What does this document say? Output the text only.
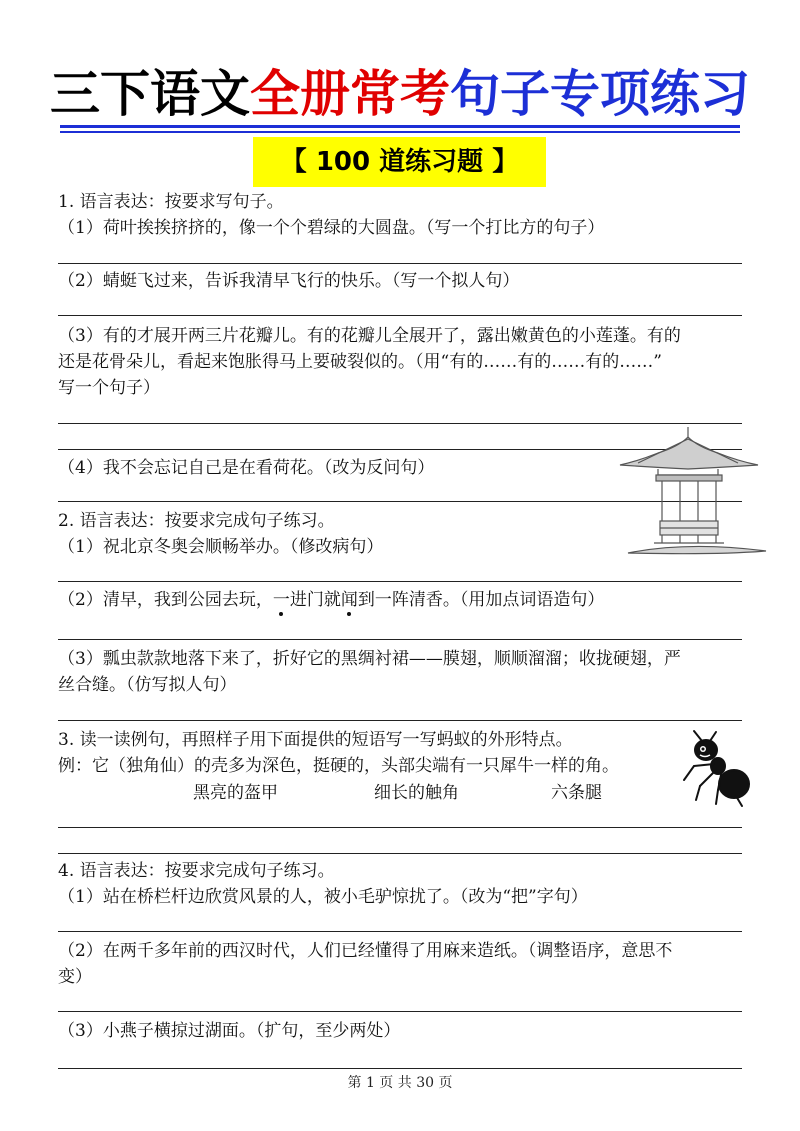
三下语文全册常考句子专项练习
【 100 道练习题 】
1. 语言表达：按要求写句子。
（1）荷叶挨挨挤挤的，像一个个碧绿的大圆盘。（写一个打比方的句子）
（2）蜻蜓飞过来，告诉我清早飞行的快乐。（写一个拟人句）
（3）有的才展开两三片花瓣儿。有的花瓣儿全展开了，露出嫩黄色的小莲蓬。有的
还是花骨朵儿，看起来饱胀得马上要破裂似的。（用“有的……有的……有的……”
写一个句子）
（4）我不会忘记自己是在看荷花。（改为反问句）
2. 语言表达：按要求完成句子练习。
（1）祝北京冬奥会顺畅举办。（修改病句）
（2）清早，我到公园去玩，一进门就闻到一阵清香。（用加点词语造句）
（3）瓢虫款款地落下来了，折好它的黑绸衬裙——膜翅，顺顺溜溜；收拢硬翅，严
丝合缝。（仿写拟人句）
3. 读一读例句，再照样子用下面提供的短语写一写蚂蚁的外形特点。
例：它（独角仙）的壳多为深色，挺硬的，头部尖端有一只犀牛一样的角。
黑亮的盔甲	细长的触角	六条腿
4. 语言表达：按要求完成句子练习。
（1）站在桥栏杆边欣赏风景的人，被小毛驴惊扰了。（改为“把”字句）
（2）在两千多年前的西汉时代，人们已经懂得了用麻来造纸。（调整语序，意思不
变）
（3）小燕子横掠过湖面。（扩句，至少两处）
第 1 页 共 30 页
